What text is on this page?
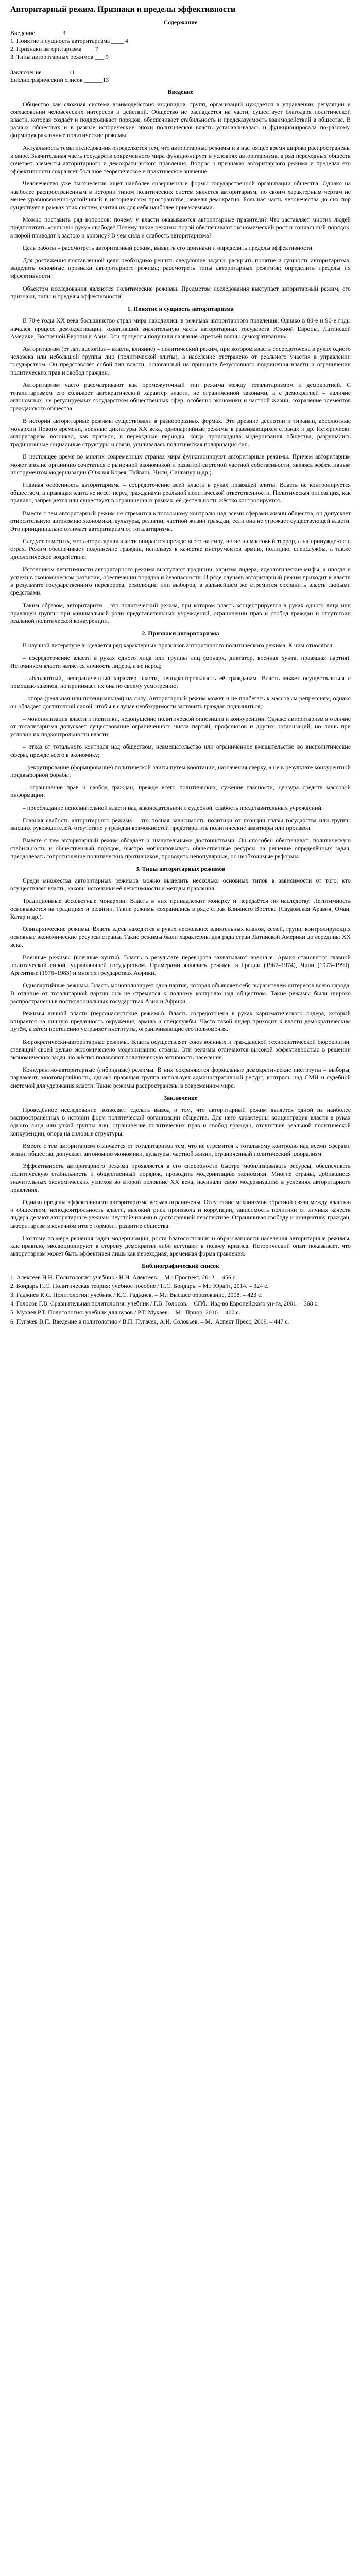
Авторитарный режим. Признаки и пределы эффективности
Содержание
Введение ________ 3
1. Понятие и сущность авторитаризма ____ 4
2. Признаки авторитаризма____ 7
3. Типы авторитарных режимов ___ 9
Заключение_________11
Библиографический список ______13
Введение

Общество как сложная система взаимодействия индивидов, групп, организаций нуждается в управлении, регуляции и согласовании человеческих интересов и действий. Общество не распадается на части, существует благодаря политической власти, которая создаёт и поддерживает порядок, обеспечивает стабильность и предсказуемость взаимодействий в обществе. В разных обществах и в разные исторические эпохи политическая власть устанавливалась и функционировала по-разному, формируя различные политические режимы.

Актуальность темы исследования определяется тем, что авторитарные режимы и в настоящее время широко распространены в мире. Значительная часть государств современного мира функционирует в условиях авторитаризма, а ряд переходных обществ сочетает элементы авторитарного и демократического правления. Вопрос о признаках авторитарного режима и пределах его эффективности сохраняет большое теоретическое и практическое значение.

Человечество уже тысячелетия ищет наиболее совершенные формы государственной организации общества. Однако на наиболее распространенным в истории типом политических систем является авторитаризм, по своим характерным чертам не менее уравновешенно-устойчивый в историческом пространстве, нежели демократия. Большая часть человечества до сих пор существует в рамках этих систем, считая их для себя наиболее приемлемыми.

Можно поставить ряд вопросов: почему у власти оказываются авторитарные правители? Что заставляет многих людей предпочитать «сильную руку» свободе? Почему такие режимы порой обеспечивают экономический рост и социальный порядок, а порой приводят к застою и кризису? В чём сила и слабость авторитаризма?

Цель работы – рассмотреть авторитарный режим, выявить его признаки и определить пределы эффективности.

Для достижения поставленной цели необходимо решить следующие задачи: раскрыть понятие и сущность авторитаризма; выделить основные признаки авторитарного режима; рассмотреть типы авторитарных режимов; определить пределы их эффективности.

Объектом исследования являются политические режимы. Предметом исследования выступает авторитарный режим, его признаки, типы и пределы эффективности.

1. Понятие и сущность авторитаризма

В 70-е годы XX века большинство стран мира находились в режимах авторитарного правления. Однако в 80-е и 90-е годы начался процесс демократизации, охвативший значительную часть авторитарных государств Южной Европы, Латинской Америки, Восточной Европы и Азии. Эти процессы получили название «третьей волны демократизации».

Авторитаризм (от лат. auctoritas – власть, влияние) – политический режим, при котором власть сосредоточена в руках одного человека или небольшой группы лиц (политической элиты), а население отстранено от реального участия в управлении государством. Он представляет собой тип власти, основанный на принципе безусловного подчинения власти и ограничении политических прав и свобод граждан.

Авторитаризм часто рассматривают как промежуточный тип режима между тоталитаризмом и демократией. С тоталитаризмом его сближает автократический характер власти, не ограниченной законами, а с демократией – наличие автономных, не регулируемых государством общественных сфер, особенно экономики и частной жизни, сохранение элементов гражданского общества.

В истории авторитарные режимы существовали в разнообразных формах. Это древние деспотии и тирании, абсолютные монархии Нового времени, военные диктатуры XX века, однопартийные режимы в развивающихся странах и др. Исторически авторитаризм возникал, как правило, в переходные периоды, когда происходила модернизация общества, разрушались традиционные социальные структуры и связи, усиливалась политическая поляризация сил.

В настоящее время во многих современных странах мира функционируют авторитарные режимы. Причем авторитаризм может вполне органично сочетаться с рыночной экономикой и развитой системой частной собственности, являясь эффективным инструментом модернизации (Южная Корея, Тайвань, Чили, Сингапур и др.).

Главная особенность авторитаризма – сосредоточение всей власти в руках правящей элиты. Власть не контролируется обществом, а правящая элита не несёт перед гражданами реальной политической ответственности. Политическая оппозиция, как правило, запрещается или существует в ограниченных рамках, её деятельность жёстко контролируется.

Вместе с тем авторитарный режим не стремится к тотальному контролю над всеми сферами жизни общества, он допускает относительную автономию экономики, культуры, религии, частной жизни граждан, если она не угрожает существующей власти. Это принципиально отличает авторитаризм от тоталитаризма.

Следует отметить, что авторитарная власть опирается прежде всего на силу, но не на массовый террор, а на принуждение и страх. Режим обеспечивает подчинение граждан, используя в качестве инструментов армию, полицию, спецслужбы, а также идеологическое воздействие.

Источником легитимности авторитарного режима выступают традиции, харизма лидера, идеологические мифы, а иногда и успехи в экономическом развитии, обеспечении порядка и безопасности. В ряде случаев авторитарный режим приходит к власти в результате государственного переворота, революции или выборов, в дальнейшем же стремится сохранить власть любыми средствами.

Таким образом, авторитаризм – это политический режим, при котором власть концентрируется в руках одного лица или правящей группы при минимальной роли представительных учреждений, ограничении прав и свобод граждан и отсутствии реальной политической конкуренции.

2. Признаки авторитаризма

В научной литературе выделяется ряд характерных признаков авторитарного политического режима. К ним относятся:

– сосредоточение власти в руках одного лица или группы лиц (монарх, диктатор, военная хунта, правящая партия). Источником власти является личность лидера, а не народ;
– абсолютный, неограниченный характер власти, неподконтрольность её гражданам. Власть может осуществляться с помощью законов, но принимает их она по своему усмотрению;
– опора (реальная или потенциальная) на силу. Авторитарный режим может и не прибегать к массовым репрессиям, однако он обладает достаточной силой, чтобы в случае необходимости заставить граждан подчиниться;
– монополизация власти и политики, недопущение политической оппозиции и конкуренции. Однако авторитаризм в отличие от тоталитаризма допускает существование ограниченного числа партий, профсоюзов и других организаций, но лишь при условии их подконтрольности власти;
– отказ от тотального контроля над обществом, невмешательство или ограниченное вмешательство во внеполитические сферы, прежде всего в экономику;
– рекрутирование (формирование) политической элиты путём кооптации, назначения сверху, а не в результате конкурентной предвыборной борьбы;
– ограничение прав и свобод граждан, прежде всего политических, сужение гласности, цензура средств массовой информации;
– преобладание исполнительной власти над законодательной и судебной, слабость представительных учреждений.

Главная слабость авторитарного режима – это полная зависимость политики от позиции главы государства или группы высших руководителей, отсутствие у граждан возможностей предотвратить политические авантюры или произвол.

Вместе с тем авторитарный режим обладает и значительными достоинствами. Он способен обеспечивать политическую стабильность и общественный порядок, быстро мобилизовывать общественные ресурсы на решение определённых задач, преодолевать сопротивление политических противников, проводить непопулярные, но необходимые реформы.

3. Типы авторитарных режимов

Среди множества авторитарных режимов можно выделить несколько основных типов в зависимости от того, кто осуществляет власть, каковы источники её легитимности и методы правления.

Традиционные абсолютные монархии. Власть в них принадлежит монарху и передаётся по наследству. Легитимность основывается на традициях и религии. Такие режимы сохранились в ряде стран Ближнего Востока (Саудовская Аравия, Оман, Катар и др.).

Олигархические режимы. Власть здесь находится в руках нескольких влиятельных кланов, семей, групп, контролирующих основные экономические ресурсы страны. Такие режимы были характерны для ряда стран Латинской Америки до середины XX века.

Военные режимы (военные хунты). Власть в результате переворота захватывают военные. Армия становится главной политической силой, управляющей государством. Примерами являлись режимы в Греции (1967–1974), Чили (1973–1990), Аргентине (1976–1983) и многих государствах Африки.

Однопартийные режимы. Власть монополизирует одна партия, которая объявляет себя выразителем интересов всего народа. В отличие от тоталитарной партии она не стремится к полному контролю над обществом. Такие режимы были широко распространены в постколониальных государствах Азии и Африки.

Режимы личной власти (персоналистские режимы). Власть сосредоточена в руках харизматического лидера, который опирается на личную преданность окружения, армию и спецслужбы. Часто такой лидер приходит к власти демократическим путём, а затем постепенно устраняет институты, ограничивающие его полномочия.

Бюрократически-авторитарные режимы. Власть осуществляет союз военных и гражданской технократической бюрократии, ставящий своей целью экономическую модернизацию страны. Эти режимы отличаются высокой эффективностью в решении экономических задач, но жёстко подавляют политическую активность населения.

Конкурентно-авторитарные (гибридные) режимы. В них сохраняются формальные демократические институты – выборы, парламент, многопартийность, однако правящая группа использует административный ресурс, контроль над СМИ и судебной системой для удержания власти. Такие режимы распространены в современном мире.

Заключение

Проведённое исследование позволяет сделать вывод о том, что авторитарный режим является одной из наиболее распространённых в истории форм политической организации общества. Для него характерны концентрация власти в руках одного лица или узкой группы лиц, ограничение политических прав и свобод граждан, отсутствие реальной политической конкуренции, опора на силовые структуры.

Вместе с тем авторитаризм отличается от тоталитаризма тем, что не стремится к тотальному контролю над всеми сферами жизни общества, допускает автономию экономики, культуры, частной жизни, ограниченный политический плюрализм.

Эффективность авторитарного режима проявляется в его способности быстро мобилизовывать ресурсы, обеспечивать политическую стабильность и общественный порядок, проводить модернизацию экономики. Многие страны, добившиеся значительных экономических успехов во второй половине XX века, начинали свою модернизацию в условиях авторитарного правления.

Однако пределы эффективности авторитаризма весьма ограничены. Отсутствие механизмов обратной связи между властью и обществом, неподконтрольность власти, высокий риск произвола и коррупции, зависимость политики от личных качеств лидера делают авторитарные режимы неустойчивыми в долгосрочной перспективе. Ограничивая свободу и инициативу граждан, авторитаризм в конечном итоге тормозит развитие общества.

Поэтому по мере решения задач модернизации, роста благосостояния и образованности населения авторитарные режимы, как правило, эволюционируют в сторону демократии либо вступают в полосу кризиса. Исторический опыт показывает, что авторитаризм может быть эффективен лишь как переходная, временная форма правления.

Библиографический список
1. Алексеев Н.Н. Политология: учебник / Н.Н. Алексеев. – М.: Проспект, 2012. – 456 с.
2. Бондарь Н.С. Политическая теория: учебное пособие / Н.С. Бондарь. – М.: Юрайт, 2014. – 324 с.
3. Гаджиев К.С. Политология: учебник / К.С. Гаджиев. – М.: Высшее образование, 2008. – 423 с.
4. Голосов Г.В. Сравнительная политология: учебник / Г.В. Голосов. – СПб.: Изд-во Европейского ун-та, 2001. – 368 с.
5. Мухаев Р.Т. Политология: учебник для вузов / Р.Т. Мухаев. – М.: Приор, 2010. – 400 с.
6. Пугачев В.П. Введение в политологию / В.П. Пугачев, А.И. Соловьев. – М.: Аспект Пресс, 2009. – 447 с.
